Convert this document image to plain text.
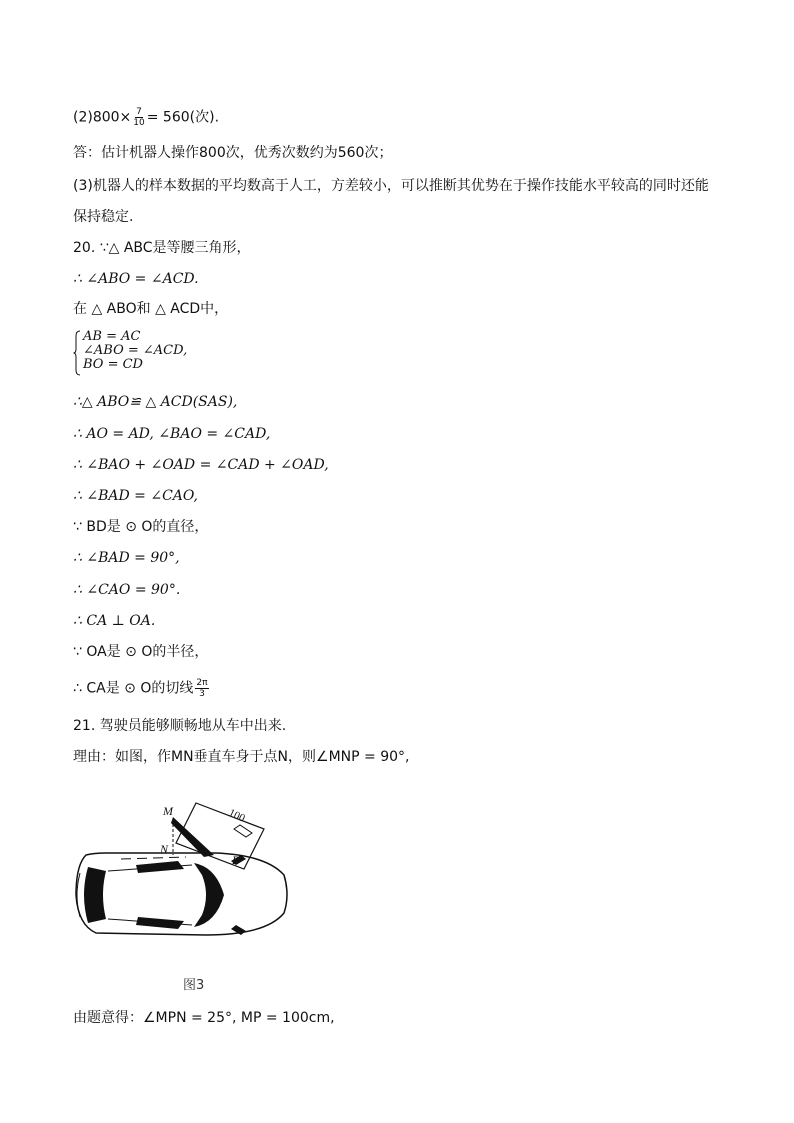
$(2)800\times \frac{7}{10} = 560$(次).
答：估计机器人操作800次，优秀次数约为560次；
(3)机器人的样本数据的平均数高于人工，方差较小，可以推断其优势在于操作技能水平较高的同时还能
保持稳定.
20. ∵△ ABC是等腰三角形，
∴ ∠ABO = ∠ACD.
在 △ ABO和 △ ACD中，
AB = AC
∠ABO = ∠ACD,
BO = CD
∴△ ABO≌ △ ACD(SAS),
∴ AO = AD, ∠BAO = ∠CAD,
∴ ∠BAO + ∠OAD = ∠CAD + ∠OAD,
∴ ∠BAD = ∠CAO,
∵ BD是 ⊙ O的直径，
∴ ∠BAD = 90°,
∴ ∠CAO = 90°.
∴ CA ⊥ OA.
∵ OA是 ⊙ O的半径，
∴ CA是 ⊙ O的切线 $\frac{2\pi}{3}$
21. 驾驶员能够顺畅地从车中出来.
理由：如图，作MN垂直车身于点N，则∠MNP = 90°,
100
M
N
P
图3
由题意得：∠MPN = 25°, MP = 100cm,
